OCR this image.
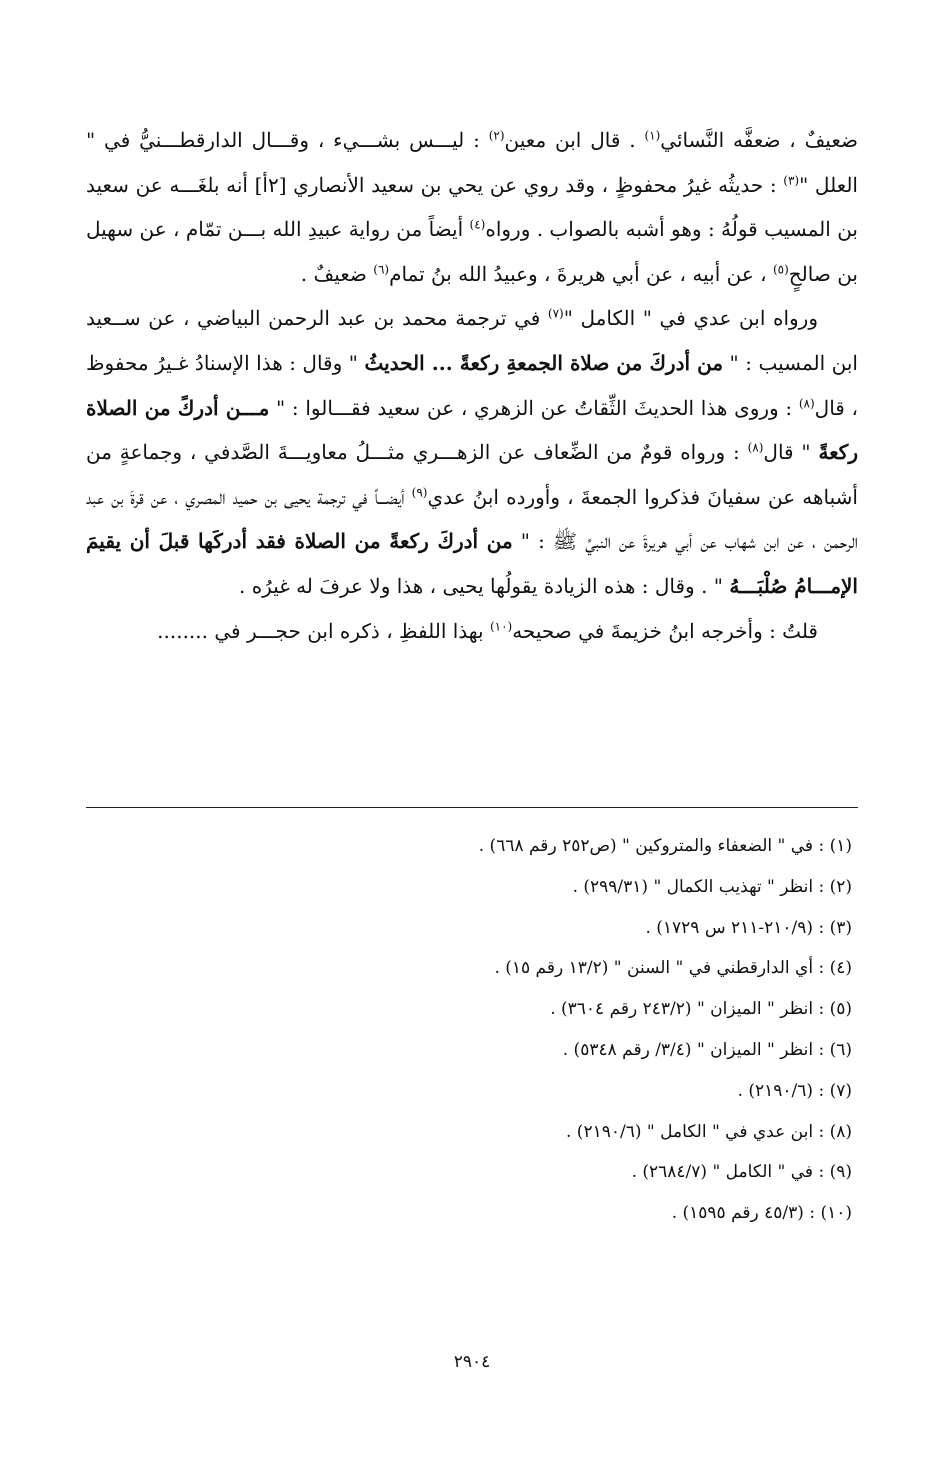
ضعيفٌ ، ضعفَّه النَّسائي$^{(١)}$ . قال ابن معين$^{(٢)}$ : ليـــس بشـــيء ، وقـــال الدارقطـــنيُّ في " العلل "$^{(٣)}$ : حديثُه غيرُ محفوظٍ ، وقد روي عن يحي بن سعيد الأنصاري [٢أ] أنه بلغَـــه عن سعيد بن المسيب قولُهُ : وهو أشبه بالصواب . ورواه$^{(٤)}$ أيضاً من رواية عبيدِ الله بـــن تمّام ، عن سهيل بن صالحٍ$^{(٥)}$ ، عن أبيه ، عن أبي هريرةَ ، وعبيدُ الله بنُ تمام$^{(٦)}$ ضعيفٌ .

ورواه ابن عدي في " الكامل "$^{(٧)}$ في ترجمة محمد بن عبد الرحمن البياضي ، عن ســعيد ابن المسيب : " من أدركَ من صلاة الجمعةِ ركعةً ... الحديثُ " وقال : هذا الإسنادُ غـيرُ محفوظ ، قال$^{(٨)}$ : وروى هذا الحديثَ الثِّقاتُ عن الزهري ، عن سعيد فقـــالوا : " مـــن أدركً من الصلاة ركعةً " قال$^{(٨)}$ : ورواه قومٌ من الضِّعاف عن الزهـــري مثـــلُ معاويـــةَ الصَّدفي ، وجماعةٍ من أشباهه عن سفيانَ فذكروا الجمعةَ ، وأورده ابنُ عدي$^{(٩)}$ أيضـــاً في ترجمة يحيى بن حميد المصري ، عن قرةَ بن عبد الرحمن ، عن ابن شهاب عن أبي هريرةَ عن النبيِّ ﷺ : " من أدركَ ركعةً من الصلاة فقد أدركَها قبلَ أن يقيمَ الإمـــامُ صُلْبَـــهُ " . وقال : هذه الزيادة يقولُها يحيى ، هذا ولا عرفَ له غيرُه .

قلتُ : وأخرجه ابنُ خزيمةَ في صحيحه$^{(١٠)}$ بهذا اللفظِ ، ذكره ابن حجـــر في ........

(١) : في " الضعفاء والمتروكين " (ص٢٥٢ رقم ٦٦٨) .
(٢) : انظر " تهذيب الكمال " (٢٩٩/٣١) .
(٣) : (٢١٠/٩-٢١١ س ١٧٢٩) .
(٤) : أي الدارقطني في " السنن " (١٣/٢ رقم ١٥) .
(٥) : انظر " الميزان " (٢٤٣/٢ رقم ٣٦٠٤) .
(٦) : انظر " الميزان " (٣/٤/ رقم ٥٣٤٨) .
(٧) : (٢١٩٠/٦) .
(٨) : ابن عدي في " الكامل " (٢١٩٠/٦) .
(٩) : في " الكامل " (٢٦٨٤/٧) .
(١٠) : (٤٥/٣ رقم ١٥٩٥) .
٢٩٠٤
